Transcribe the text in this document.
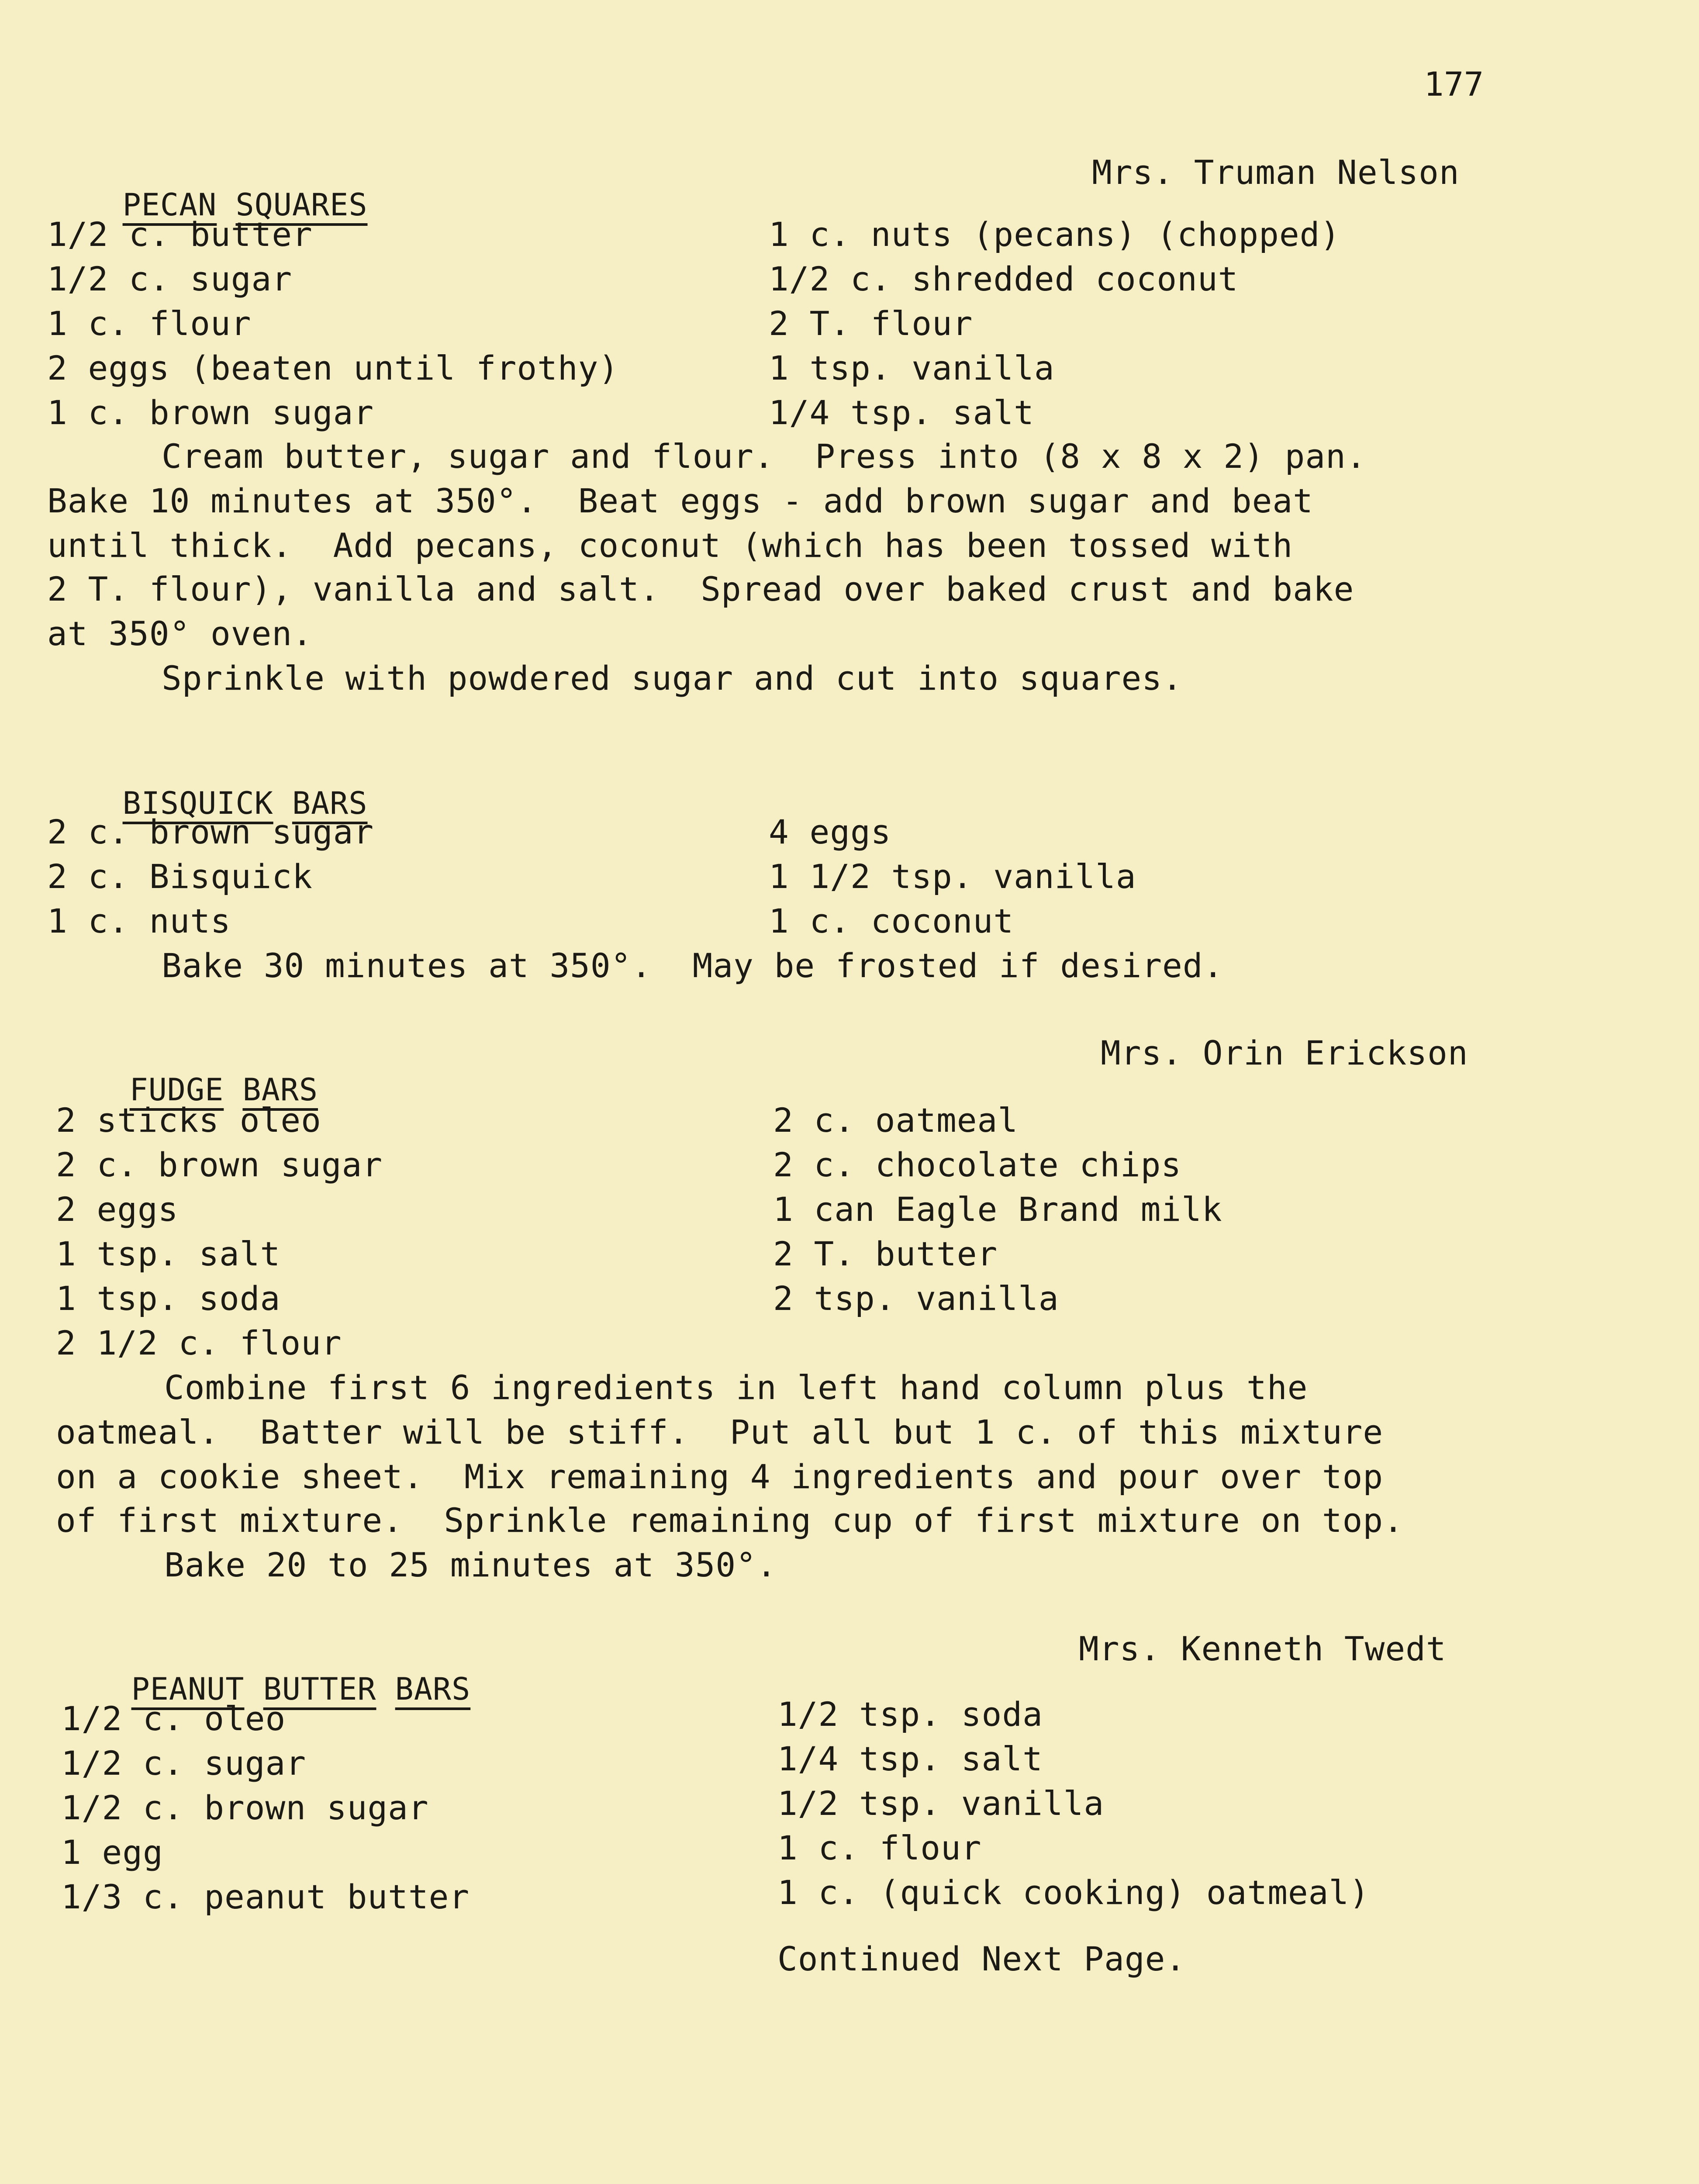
177

PECAN SQUARES

Mrs. Truman Nelson
1/2 c. butter
1/2 c. sugar
1 c. flour
2 eggs (beaten until frothy)
1 c. brown sugar
1 c. nuts (pecans) (chopped)
1/2 c. shredded coconut
2 T. flour
1 tsp. vanilla
1/4 tsp. salt
Cream butter, sugar and flour.  Press into (8 x 8 x 2) pan.
Bake 10 minutes at 350°.  Beat eggs - add brown sugar and beat
until thick.  Add pecans, coconut (which has been tossed with
2 T. flour), vanilla and salt.  Spread over baked crust and bake
at 350° oven.
Sprinkle with powdered sugar and cut into squares.

BISQUICK BARS

2 c. brown sugar
2 c. Bisquick
1 c. nuts
4 eggs
1 1/2 tsp. vanilla
1 c. coconut
Bake 30 minutes at 350°.  May be frosted if desired.

FUDGE BARS

Mrs. Orin Erickson
2 sticks oleo
2 c. brown sugar
2 eggs
1 tsp. salt
1 tsp. soda
2 1/2 c. flour
2 c. oatmeal
2 c. chocolate chips
1 can Eagle Brand milk
2 T. butter
2 tsp. vanilla
Combine first 6 ingredients in left hand column plus the
oatmeal.  Batter will be stiff.  Put all but 1 c. of this mixture
on a cookie sheet.  Mix remaining 4 ingredients and pour over top
of first mixture.  Sprinkle remaining cup of first mixture on top.
Bake 20 to 25 minutes at 350°.

PEANUT BUTTER BARS

Mrs. Kenneth Twedt
1/2 c. oleo
1/2 c. sugar
1/2 c. brown sugar
1 egg
1/3 c. peanut butter
1/2 tsp. soda
1/4 tsp. salt
1/2 tsp. vanilla
1 c. flour
1 c. (quick cooking) oatmeal)
Continued Next Page.
